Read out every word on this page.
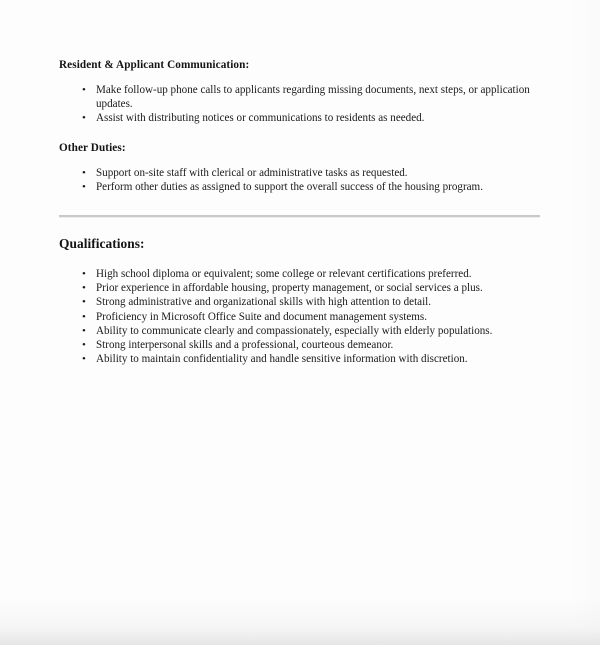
Resident & Applicant Communication:
• Make follow-up phone calls to applicants regarding missing documents, next steps, or application updates.
• Assist with distributing notices or communications to residents as needed.
Other Duties:
• Support on-site staff with clerical or administrative tasks as requested.
• Perform other duties as assigned to support the overall success of the housing program.
Qualifications:
• High school diploma or equivalent; some college or relevant certifications preferred.
• Prior experience in affordable housing, property management, or social services a plus.
• Strong administrative and organizational skills with high attention to detail.
• Proficiency in Microsoft Office Suite and document management systems.
• Ability to communicate clearly and compassionately, especially with elderly populations.
• Strong interpersonal skills and a professional, courteous demeanor.
• Ability to maintain confidentiality and handle sensitive information with discretion.
